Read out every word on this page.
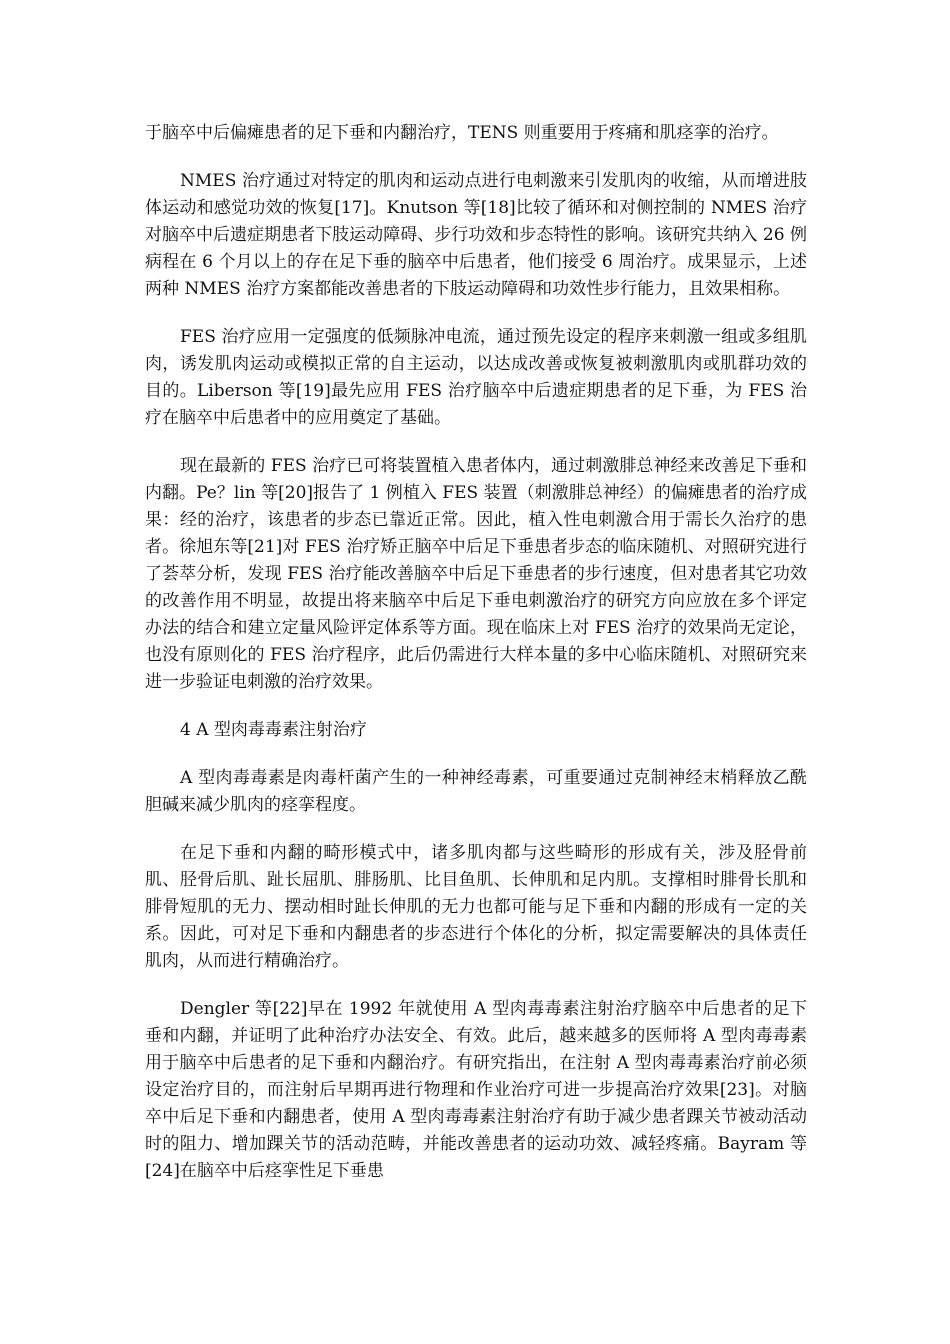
于脑卒中后偏瘫患者的足下垂和内翻治疗，TENS 则重要用于疼痛和肌痉挛的治疗。

NMES 治疗通过对特定的肌肉和运动点进行电刺激来引发肌肉的收缩，从而增进肢体运动和感觉功效的恢复[17]。Knutson 等[18]比较了循环和对侧控制的 NMES 治疗对脑卒中后遗症期患者下肢运动障碍、步行功效和步态特性的影响。该研究共纳入 26 例病程在 6 个月以上的存在足下垂的脑卒中后患者，他们接受 6 周治疗。成果显示，上述两种 NMES 治疗方案都能改善患者的下肢运动障碍和功效性步行能力，且效果相称。

FES 治疗应用一定强度的低频脉冲电流，通过预先设定的程序来刺激一组或多组肌肉，诱发肌肉运动或模拟正常的自主运动，以达成改善或恢复被刺激肌肉或肌群功效的目的。Liberson 等[19]最先应用 FES 治疗脑卒中后遗症期患者的足下垂，为 FES 治疗在脑卒中后患者中的应用奠定了基础。

现在最新的 FES 治疗已可将装置植入患者体内，通过刺激腓总神经来改善足下垂和内翻。Pe？lin 等[20]报告了 1 例植入 FES 装置（刺激腓总神经）的偏瘫患者的治疗成果：经的治疗，该患者的步态已靠近正常。因此，植入性电刺激合用于需长久治疗的患者。徐旭东等[21]对 FES 治疗矫正脑卒中后足下垂患者步态的临床随机、对照研究进行了荟萃分析，发现 FES 治疗能改善脑卒中后足下垂患者的步行速度，但对患者其它功效的改善作用不明显，故提出将来脑卒中后足下垂电刺激治疗的研究方向应放在多个评定办法的结合和建立定量风险评定体系等方面。现在临床上对 FES 治疗的效果尚无定论，也没有原则化的 FES 治疗程序，此后仍需进行大样本量的多中心临床随机、对照研究来进一步验证电刺激的治疗效果。

4 A 型肉毒毒素注射治疗

A 型肉毒毒素是肉毒杆菌产生的一种神经毒素，可重要通过克制神经末梢释放乙酰胆碱来减少肌肉的痉挛程度。

在足下垂和内翻的畸形模式中，诸多肌肉都与这些畸形的形成有关，涉及胫骨前肌、胫骨后肌、趾长屈肌、腓肠肌、比目鱼肌、长伸肌和足内肌。支撑相时腓骨长肌和腓骨短肌的无力、摆动相时趾长伸肌的无力也都可能与足下垂和内翻的形成有一定的关系。因此，可对足下垂和内翻患者的步态进行个体化的分析，拟定需要解决的具体责任肌肉，从而进行精确治疗。

Dengler 等[22]早在 1992 年就使用 A 型肉毒毒素注射治疗脑卒中后患者的足下垂和内翻，并证明了此种治疗办法安全、有效。此后，越来越多的医师将 A 型肉毒毒素用于脑卒中后患者的足下垂和内翻治疗。有研究指出，在注射 A 型肉毒毒素治疗前必须设定治疗目的，而注射后早期再进行物理和作业治疗可进一步提高治疗效果[23]。对脑卒中后足下垂和内翻患者，使用 A 型肉毒毒素注射治疗有助于减少患者踝关节被动活动时的阻力、增加踝关节的活动范畴，并能改善患者的运动功效、减轻疼痛。Bayram 等[24]在脑卒中后痉挛性足下垂患
